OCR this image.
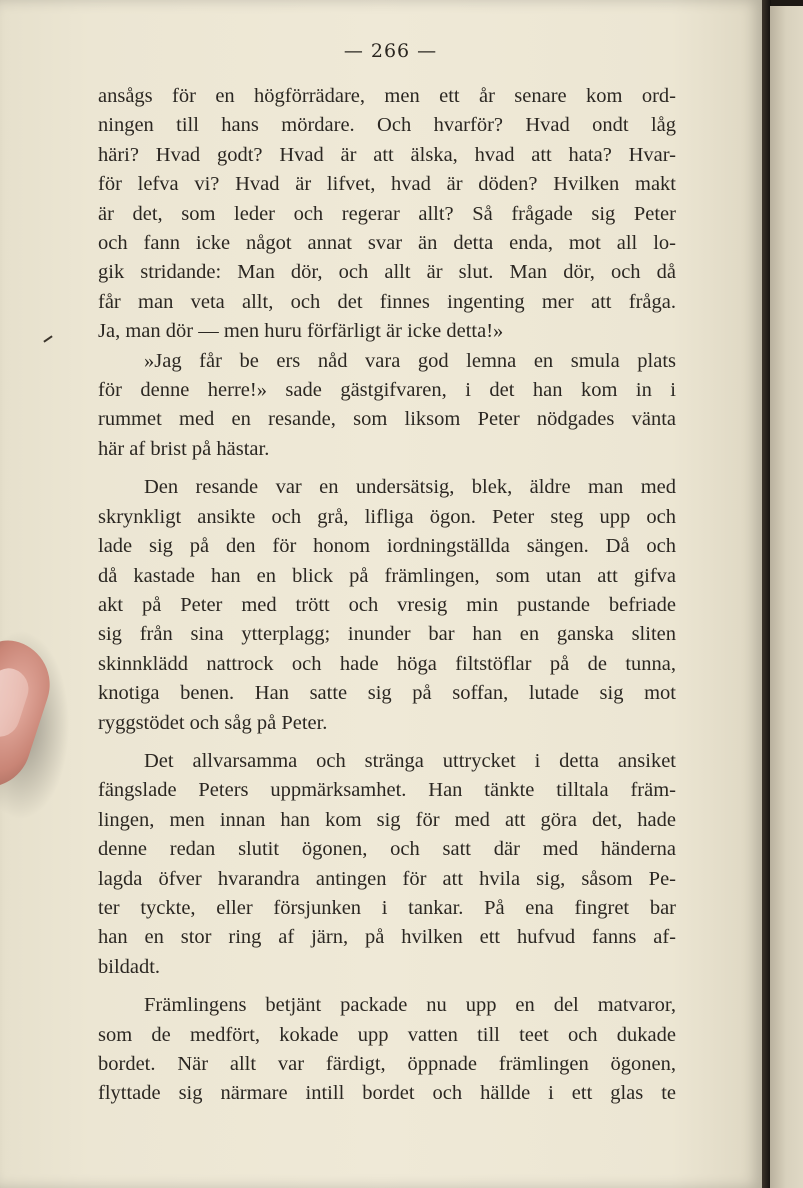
— 266 —
ansågs för en högförrädare, men ett år senare kom ord-
ningen till hans mördare. Och hvarför? Hvad ondt låg
häri? Hvad godt? Hvad är att älska, hvad att hata? Hvar-
för lefva vi? Hvad är lifvet, hvad är döden? Hvilken makt
är det, som leder och regerar allt? Så frågade sig Peter
och fann icke något annat svar än detta enda, mot all lo-
gik stridande: Man dör, och allt är slut. Man dör, och då
får man veta allt, och det finnes ingenting mer att fråga.
Ja, man dör — men huru förfärligt är icke detta!»
»Jag får be ers nåd vara god lemna en smula plats
för denne herre!» sade gästgifvaren, i det han kom in i
rummet med en resande, som liksom Peter nödgades vänta
här af brist på hästar.
Den resande var en undersätsig, blek, äldre man med
skrynkligt ansikte och grå, lifliga ögon. Peter steg upp och
lade sig på den för honom iordningställda sängen. Då och
då kastade han en blick på främlingen, som utan att gifva
akt på Peter med trött och vresig min pustande befriade
sig från sina ytterplagg; inunder bar han en ganska sliten
skinnklädd nattrock och hade höga filtstöflar på de tunna,
knotiga benen. Han satte sig på soffan, lutade sig mot
ryggstödet och såg på Peter.
Det allvarsamma och stränga uttrycket i detta ansiket
fängslade Peters uppmärksamhet. Han tänkte tilltala främ-
lingen, men innan han kom sig för med att göra det, hade
denne redan slutit ögonen, och satt där med händerna
lagda öfver hvarandra antingen för att hvila sig, såsom Pe-
ter tyckte, eller försjunken i tankar. På ena fingret bar
han en stor ring af järn, på hvilken ett hufvud fanns af-
bildadt.
Främlingens betjänt packade nu upp en del matvaror,
som de medfört, kokade upp vatten till teet och dukade
bordet. När allt var färdigt, öppnade främlingen ögonen,
flyttade sig närmare intill bordet och hällde i ett glas te
